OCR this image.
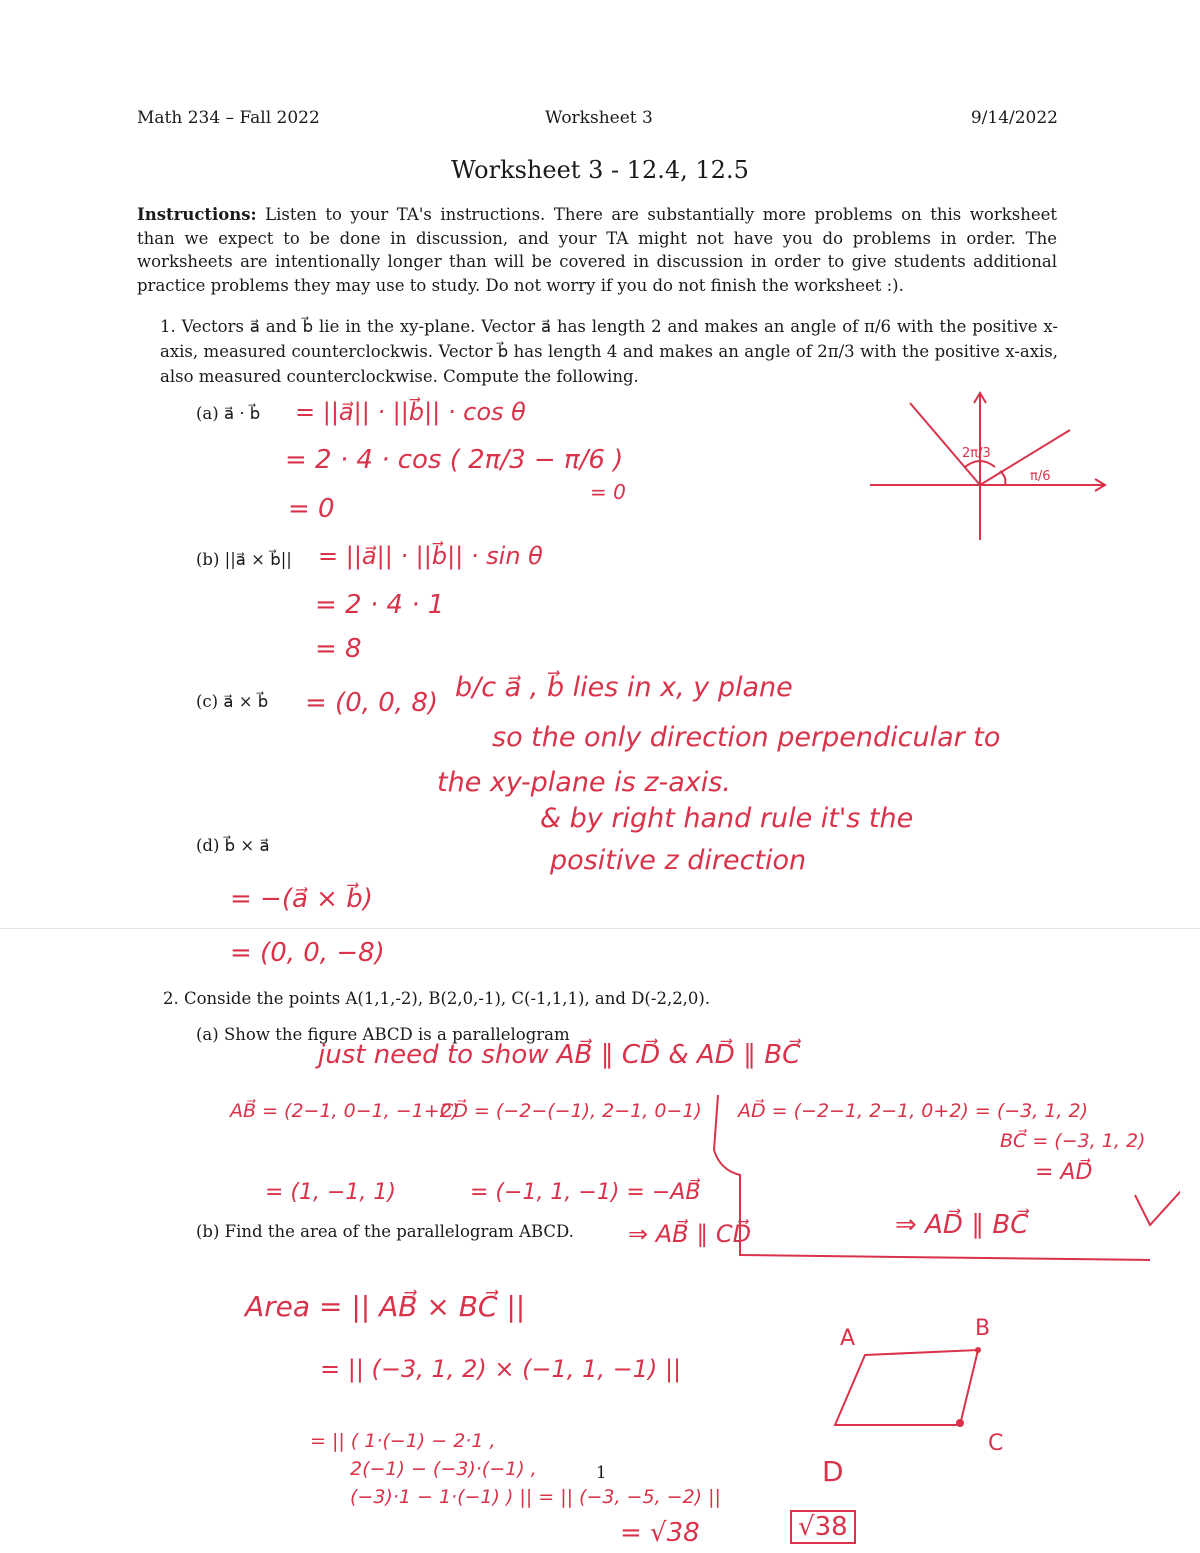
Math 234 – Fall 2022	Worksheet 3	9/14/2022
Worksheet 3 - 12.4, 12.5
Instructions: Listen to your TA's instructions. There are substantially more problems on this worksheet than we expect to be done in discussion, and your TA might not have you do problems in order. The worksheets are intentionally longer than will be covered in discussion in order to give students additional practice problems they may use to study. Do not worry if you do not finish the worksheet :).
1. Vectors a⃗ and b⃗ lie in the xy-plane. Vector a⃗ has length 2 and makes an angle of π/6 with the positive x-axis, measured counterclockwis. Vector b⃗ has length 4 and makes an angle of 2π/3 with the positive x-axis, also measured counterclockwise. Compute the following.
(a) a⃗ · b⃗
(b) ||a⃗ × b⃗||
(c) a⃗ × b⃗
(d) b⃗ × a⃗
= ||a⃗|| · ||b⃗|| · cos θ
= 2 · 4 · cos ( 2π/3 − π/6 )
= 0
= 0
= ||a⃗|| · ||b⃗|| · sin θ
= 2 · 4 · 1
= 8
= (0, 0, 8) b/c a⃗ , b⃗ lies in x, y plane
so the only direction perpendicular to
the xy-plane is z-axis.
& by right hand rule it's the
positive z direction
= −(a⃗ × b⃗)
= (0, 0, −8)
2π/3
π/6
2. Conside the points A(1,1,-2), B(2,0,-1), C(-1,1,1), and D(-2,2,0).
(a) Show the figure ABCD is a parallelogram
(b) Find the area of the parallelogram ABCD.
just need to show AB⃗ ∥ CD⃗ & AD⃗ ∥ BC⃗
AB⃗ = (2−1, 0−1, −1+2)
= (1, −1, 1)
CD⃗ = (−2−(−1), 2−1, 0−1)
= (−1, 1, −1) = −AB⃗
⇒ AB⃗ ∥ CD⃗
AD⃗ = (−2−1, 2−1, 0+2) = (−3, 1, 2)
BC⃗ = (−3, 1, 2)
= AD⃗
⇒ AD⃗ ∥ BC⃗
Area = || AB⃗ × BC⃗ ||
= || (−3, 1, 2) × (−1, 1, −1) ||
= || ( 1·(−1) − 2·1 ,
2(−1) − (−3)·(−1) ,
(−3)·1 − 1·(−1) ) || = || (−3, −5, −2) ||
= √38	√38
A	B
C
D
1
